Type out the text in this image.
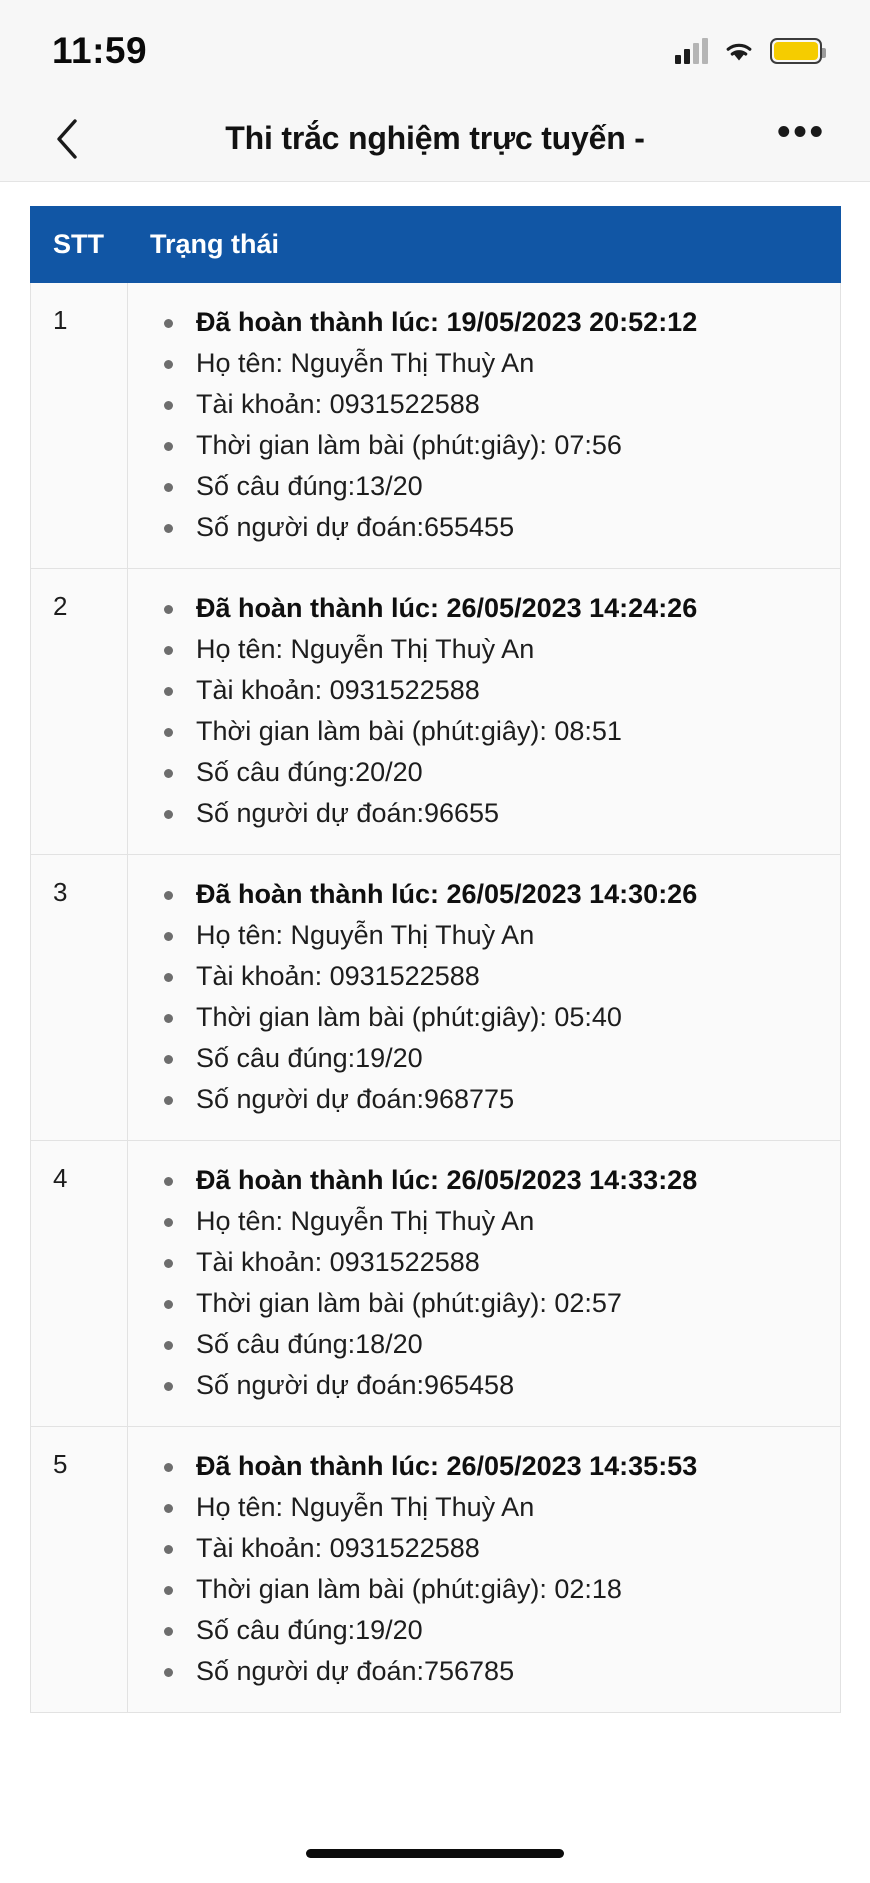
11:59
Thi trắc nghiệm trực tuyến -	•••
STT	Trạng thái
1	Đã hoàn thành lúc: 19/05/2023 20:52:12
Họ tên: Nguyễn Thị Thuỳ An
Tài khoản: 0931522588
Thời gian làm bài (phút:giây): 07:56
Số câu đúng:13/20
Số người dự đoán:655455

2	Đã hoàn thành lúc: 26/05/2023 14:24:26
Họ tên: Nguyễn Thị Thuỳ An
Tài khoản: 0931522588
Thời gian làm bài (phút:giây): 08:51
Số câu đúng:20/20
Số người dự đoán:96655

3	Đã hoàn thành lúc: 26/05/2023 14:30:26
Họ tên: Nguyễn Thị Thuỳ An
Tài khoản: 0931522588
Thời gian làm bài (phút:giây): 05:40
Số câu đúng:19/20
Số người dự đoán:968775

4	Đã hoàn thành lúc: 26/05/2023 14:33:28
Họ tên: Nguyễn Thị Thuỳ An
Tài khoản: 0931522588
Thời gian làm bài (phút:giây): 02:57
Số câu đúng:18/20
Số người dự đoán:965458

5	Đã hoàn thành lúc: 26/05/2023 14:35:53
Họ tên: Nguyễn Thị Thuỳ An
Tài khoản: 0931522588
Thời gian làm bài (phút:giây): 02:18
Số câu đúng:19/20
Số người dự đoán:756785
